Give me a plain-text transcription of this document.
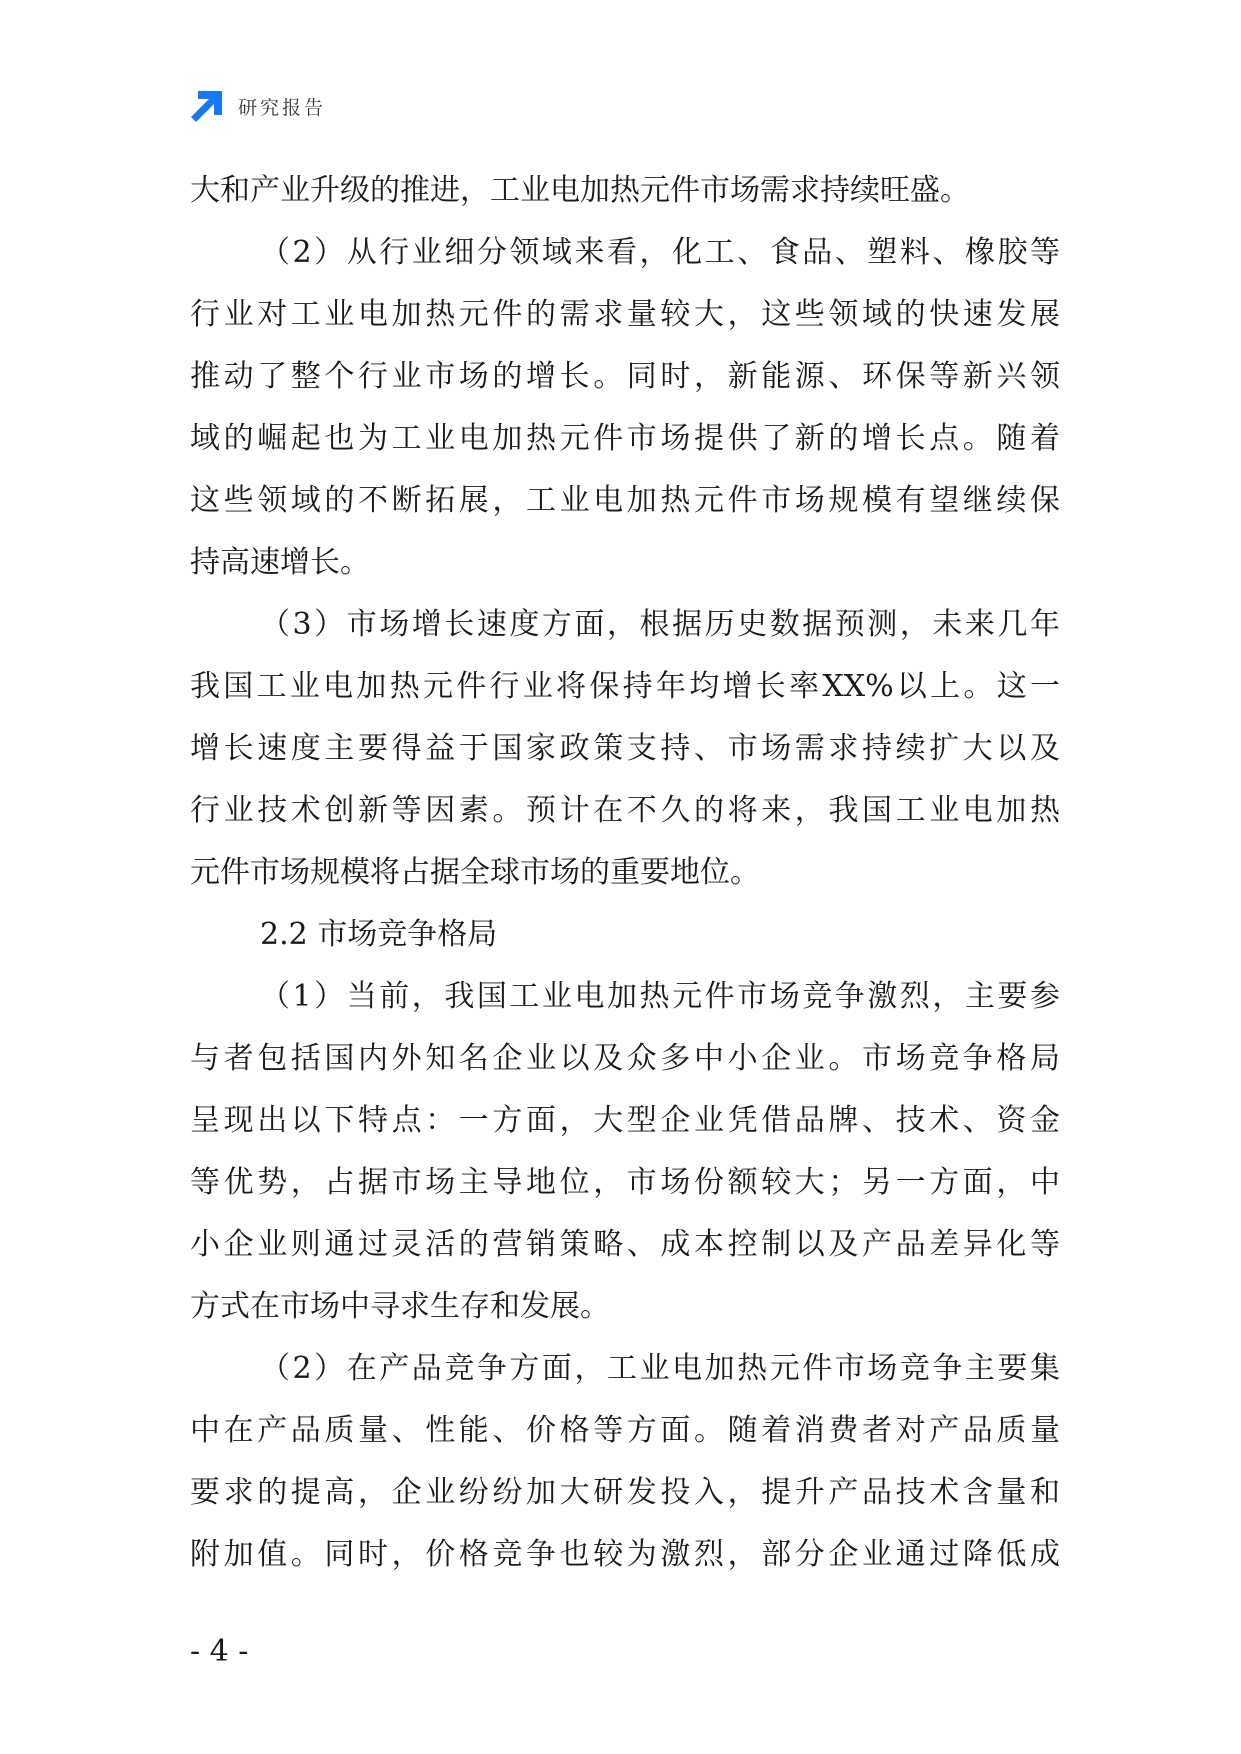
研究报告
大和产业升级的推进，工业电加热元件市场需求持续旺盛。
（2）从行业细分领域来看，化工、食品、塑料、橡胶等
行业对工业电加热元件的需求量较大，这些领域的快速发展
推动了整个行业市场的增长。同时，新能源、环保等新兴领
域的崛起也为工业电加热元件市场提供了新的增长点。随着
这些领域的不断拓展，工业电加热元件市场规模有望继续保
持高速增长。
（3）市场增长速度方面，根据历史数据预测，未来几年
我国工业电加热元件行业将保持年均增长率XX%以上。这一
增长速度主要得益于国家政策支持、市场需求持续扩大以及
行业技术创新等因素。预计在不久的将来，我国工业电加热
元件市场规模将占据全球市场的重要地位。
2.2 市场竞争格局
（1）当前，我国工业电加热元件市场竞争激烈，主要参
与者包括国内外知名企业以及众多中小企业。市场竞争格局
呈现出以下特点：一方面，大型企业凭借品牌、技术、资金
等优势，占据市场主导地位，市场份额较大；另一方面，中
小企业则通过灵活的营销策略、成本控制以及产品差异化等
方式在市场中寻求生存和发展。
（2）在产品竞争方面，工业电加热元件市场竞争主要集
中在产品质量、性能、价格等方面。随着消费者对产品质量
要求的提高，企业纷纷加大研发投入，提升产品技术含量和
附加值。同时，价格竞争也较为激烈，部分企业通过降低成
- 4 -
